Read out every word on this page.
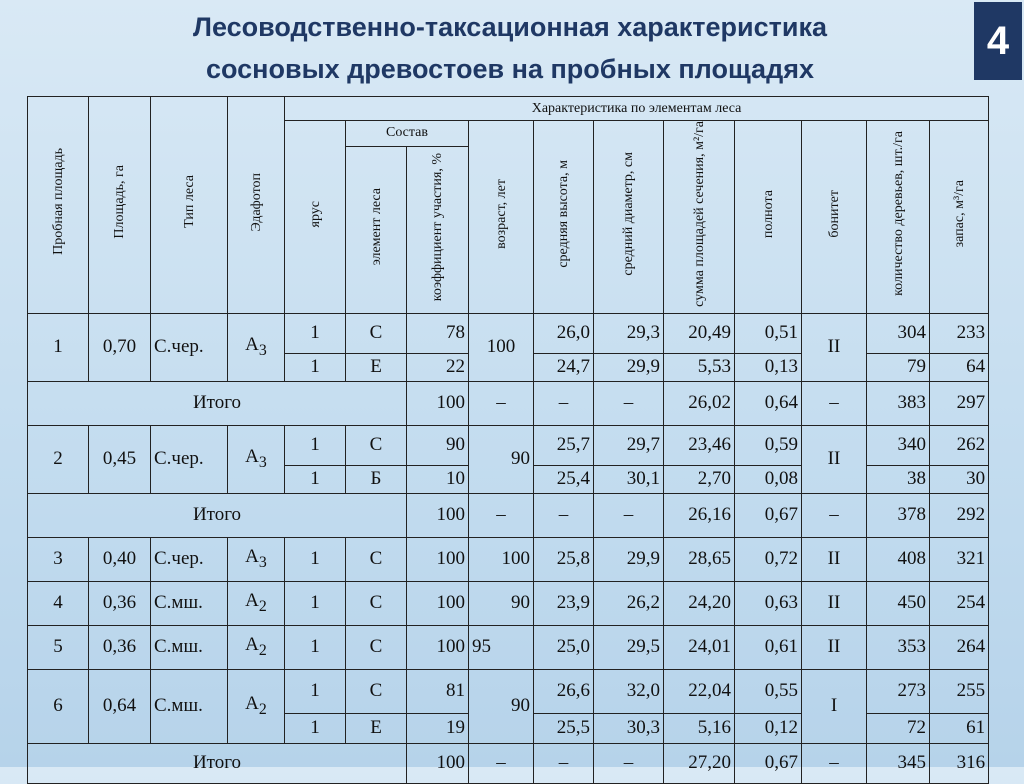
Лесоводственно-таксационная характеристика
сосновых древостоев на пробных площадях
4
Пробная площадь	Площадь, га	Тип леса	Эдафотоп	Характеристика по элементам леса										
				ярус	Состав		возраст, лет	средняя высота, м	средний диаметр, см	сумма площадей сечения, м²/га	полнота	бонитет	количество деревьев, шт./га	запас, м³/га
					элемент леса	коэффициент участия, %								
1	0,70	С.чер.	$А_3$	1	С	78	100	26,0	29,3	20,49	0,51	II	304	233
				1	Е	22		24,7	29,9	5,53	0,13		79	64
Итого						100	–	–	–	26,02	0,64	–	383	297
2	0,45	С.чер.	$А_3$	1	С	90	90	25,7	29,7	23,46	0,59	II	340	262
				1	Б	10		25,4	30,1	2,70	0,08		38	30
Итого						100	–	–	–	26,16	0,67	–	378	292
3	0,40	С.чер.	$А_3$	1	С	100	100	25,8	29,9	28,65	0,72	II	408	321
4	0,36	С.мш.	$А_2$	1	С	100	90	23,9	26,2	24,20	0,63	II	450	254
5	0,36	С.мш.	$А_2$	1	С	100	95	25,0	29,5	24,01	0,61	II	353	264
6	0,64	С.мш.	$А_2$	1	С	81	90	26,6	32,0	22,04	0,55	I	273	255
				1	Е	19		25,5	30,3	5,16	0,12		72	61
Итого						100	–	–	–	27,20	0,67	–	345	316
